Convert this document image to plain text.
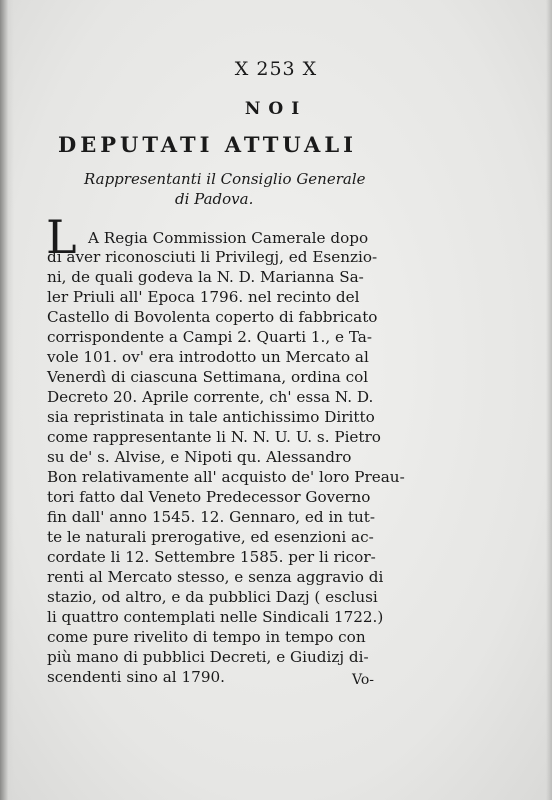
X 253 X
NOI
DEPUTATI ATTUALI
Rappresentanti il Consiglio Generale
di Padova.
L A Regia Commission Camerale dopo
di aver riconosciuti li Privilegj, ed Esenzio-
ni, de quali godeva la N. D. Marianna Sa-
ler Priuli all' Epoca 1796. nel recinto del
Castello di Bovolenta coperto di fabbricato
corrispondente a Campi 2. Quarti 1., e Ta-
vole 101. ov' era introdotto un Mercato al
Venerdì di ciascuna Settimana, ordina col
Decreto 20. Aprile corrente, ch' essa N. D.
sia repristinata in tale antichissimo Diritto
come rappresentante li N. N. U. U. s. Pietro
su de' s. Alvise, e Nipoti qu. Alessandro
Bon relativamente all' acquisto de' loro Preau-
tori fatto dal Veneto Predecessor Governo
fin dall' anno 1545. 12. Gennaro, ed in tut-
te le naturali prerogative, ed esenzioni ac-
cordate li 12. Settembre 1585. per li ricor-
renti al Mercato stesso, e senza aggravio di
stazio, od altro, e da pubblici Dazj ( esclusi
li quattro contemplati nelle Sindicali 1722.)
come pure rivelito di tempo in tempo con
più mano di pubblici Decreti, e Giudizj di-
scendenti sino al 1790.	Vo-
